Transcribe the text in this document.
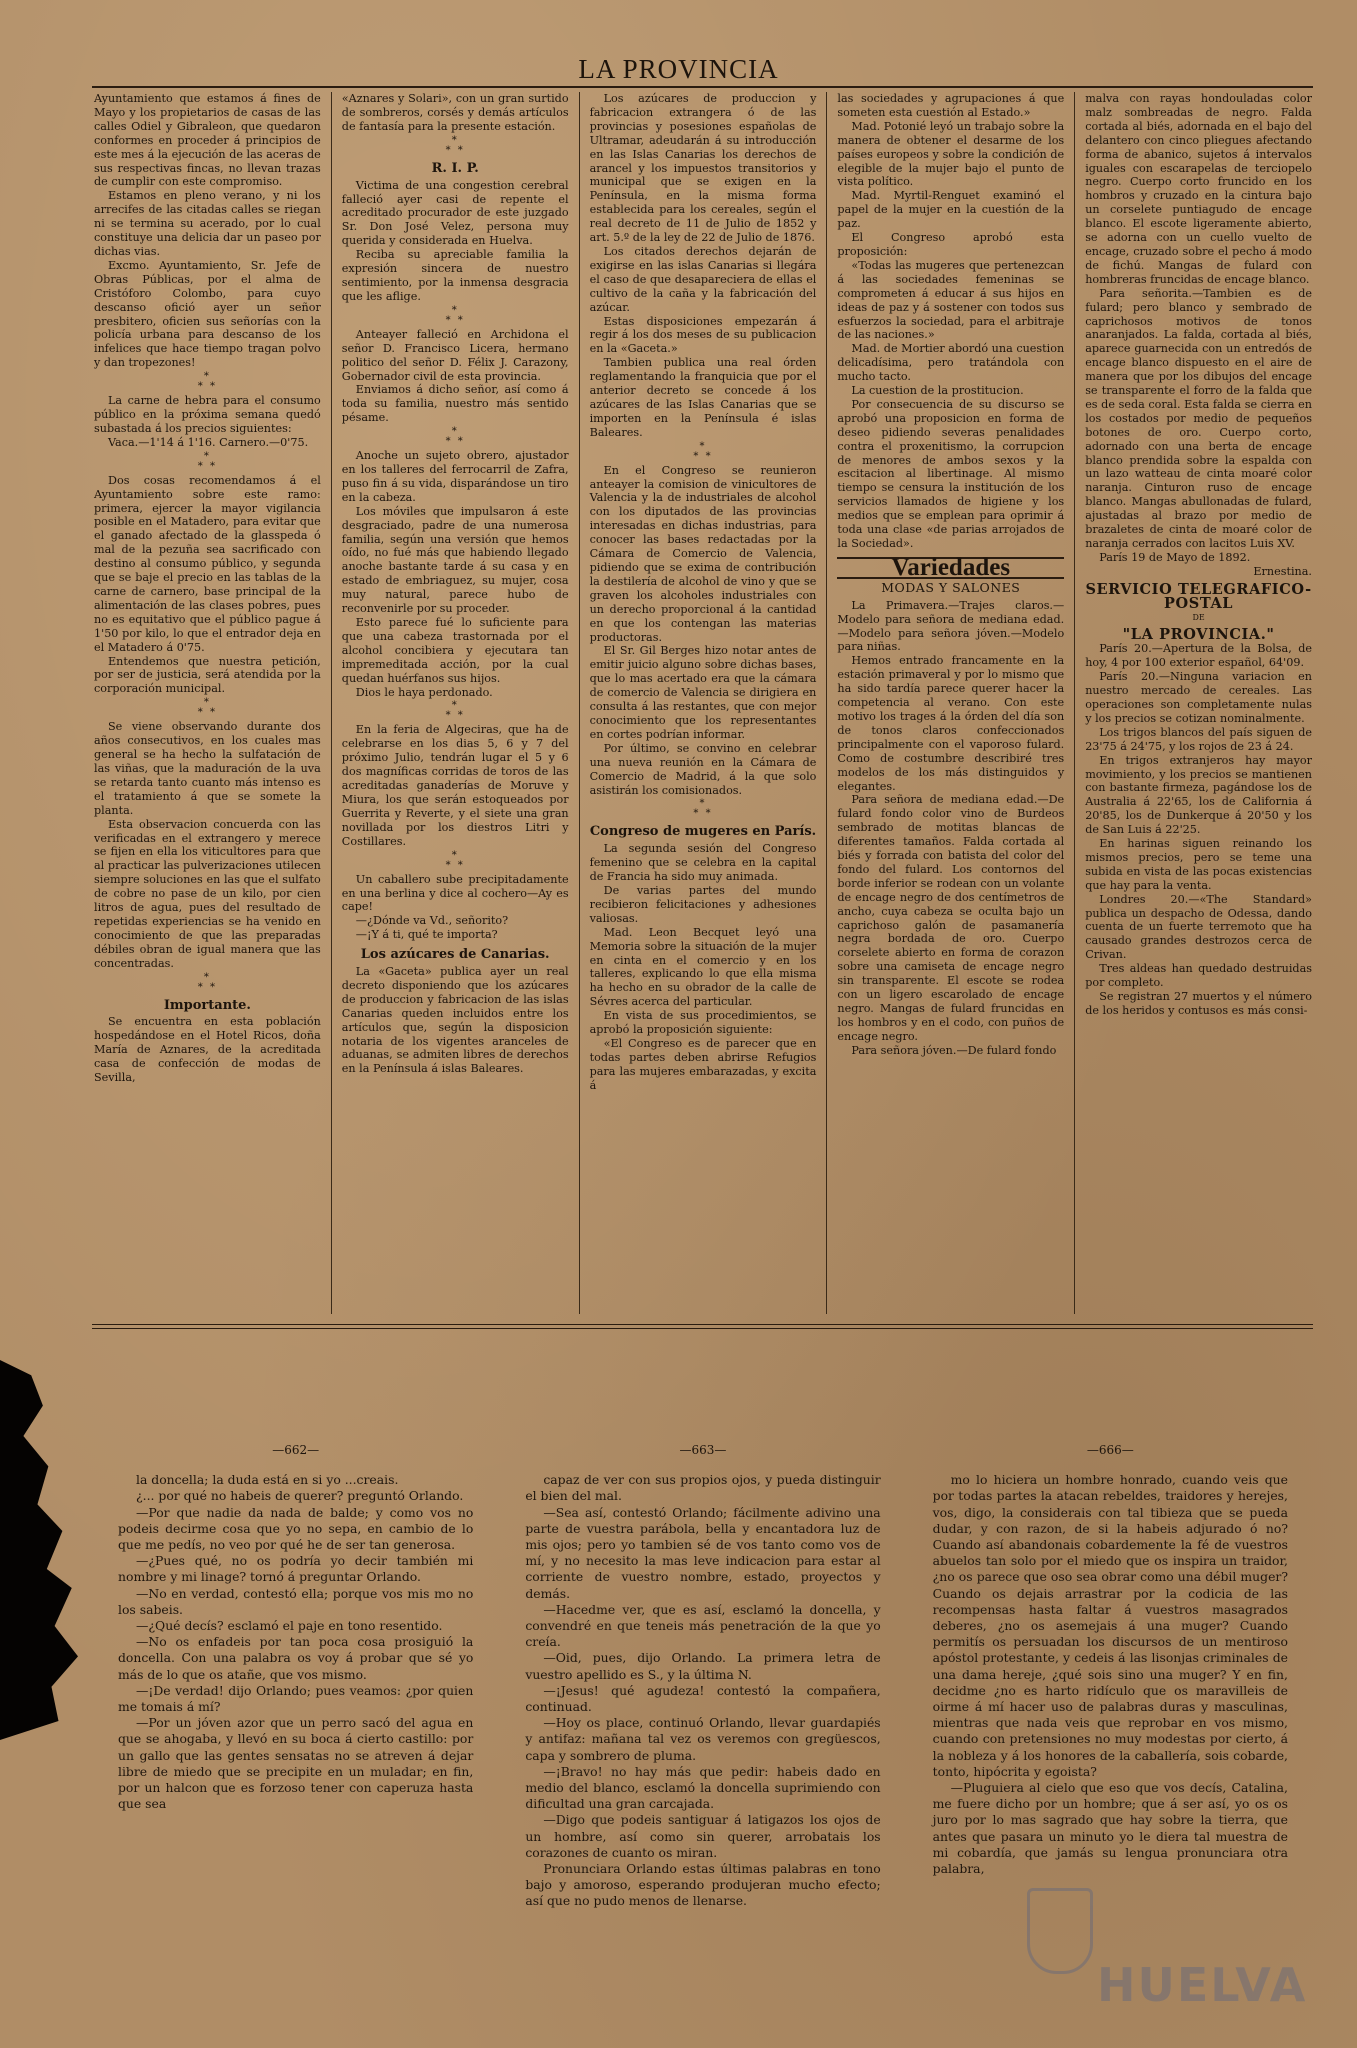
LA PROVINCIA

Ayuntamiento que estamos á fines de Mayo y los propietarios de casas de las calles Odiel y Gibraleon, que quedaron conformes en proceder á principios de este mes á la ejecución de las aceras de sus respectivas fincas, no llevan trazas de cumplir con este compromiso.

Estamos en pleno verano, y ni los arrecifes de las citadas calles se riegan ni se termina su acerado, por lo cual constituye una delicia dar un paseo por dichas vias.

Excmo. Ayuntamiento, Sr. Jefe de Obras Públicas, por el alma de Cristóforo Colombo, para cuyo descanso ofició ayer un señor presbitero, oficien sus señorías con la policía urbana para descanso de los infelices que hace tiempo tragan polvo y dan tropezones!

*
* *

La carne de hebra para el consumo público en la próxima semana quedó subastada á los precios siguientes:

Vaca.—1'14 á 1'16. Carnero.—0'75.

*
* *

Dos cosas recomendamos á el Ayuntamiento sobre este ramo: primera, ejercer la mayor vigilancia posible en el Matadero, para evitar que el ganado afectado de la glasspeda ó mal de la pezuña sea sacrificado con destino al consumo público, y segunda que se baje el precio en las tablas de la carne de carnero, base principal de la alimentación de las clases pobres, pues no es equitativo que el público pague á 1'50 por kilo, lo que el entrador deja en el Matadero á 0'75.

Entendemos que nuestra petición, por ser de justicia, será atendida por la corporación municipal.

*
* *

Se viene observando durante dos años consecutivos, en los cuales mas general se ha hecho la sulfatación de las viñas, que la maduración de la uva se retarda tanto cuanto más intenso es el tratamiento á que se somete la planta.

Esta observacion concuerda con las verificadas en el extrangero y merece se fijen en ella los viticultores para que al practicar las pulverizaciones utilecen siempre soluciones en las que el sulfato de cobre no pase de un kilo, por cien litros de agua, pues del resultado de repetidas experiencias se ha venido en conocimiento de que las preparadas débiles obran de igual manera que las concentradas.

*
* *
Importante.

Se encuentra en esta población hospedándose en el Hotel Ricos, doña María de Aznares, de la acreditada casa de confección de modas de Sevilla,

«Aznares y Solari», con un gran surtido de sombreros, corsés y demás artículos de fantasía para la presente estación.

*
* *
R. I. P.

Victima de una congestion cerebral falleció ayer casi de repente el acreditado procurador de este juzgado Sr. Don José Velez, persona muy querida y considerada en Huelva.

Reciba su apreciable familia la expresión sincera de nuestro sentimiento, por la inmensa desgracia que les aflige.

*
* *

Anteayer falleció en Archidona el señor D. Francisco Licera, hermano politico del señor D. Félix J. Carazony, Gobernador civil de esta provincia.

Enviamos á dicho señor, así como á toda su familia, nuestro más sentido pésame.

*
* *

Anoche un sujeto obrero, ajustador en los talleres del ferrocarril de Zafra, puso fin á su vida, disparándose un tiro en la cabeza.

Los móviles que impulsaron á este desgraciado, padre de una numerosa familia, según una versión que hemos oído, no fué más que habiendo llegado anoche bastante tarde á su casa y en estado de embriaguez, su mujer, cosa muy natural, parece hubo de reconvenirle por su proceder.

Esto parece fué lo suficiente para que una cabeza trastornada por el alcohol concibiera y ejecutara tan impremeditada acción, por la cual quedan huérfanos sus hijos.

Dios le haya perdonado.

*
* *

En la feria de Algeciras, que ha de celebrarse en los dias 5, 6 y 7 del próximo Julio, tendrán lugar el 5 y 6 dos magníficas corridas de toros de las acreditadas ganaderías de Moruve y Miura, los que serán estoqueados por Guerrita y Reverte, y el siete una gran novillada por los diestros Litri y Costillares.

*
* *

Un caballero sube precipitadamente en una berlina y dice al cochero—Ay es cape!

—¿Dónde va Vd., señorito?

—¡Y á ti, qué te importa?

Los azúcares de Canarias.

La «Gaceta» publica ayer un real decreto disponiendo que los azúcares de produccion y fabricacion de las islas Canarias queden incluidos entre los artículos que, según la disposicion notaria de los vigentes aranceles de aduanas, se admiten libres de derechos en la Península á islas Baleares.

Los azúcares de produccion y fabricacion extrangera ó de las provincias y posesiones españolas de Ultramar, adeudarán á su introducción en las Islas Canarias los derechos de arancel y los impuestos transitorios y municipal que se exigen en la Península, en la misma forma establecida para los cereales, según el real decreto de 11 de Julio de 1852 y art. 5.º de la ley de 22 de Julio de 1876.

Los citados derechos dejarán de exigirse en las islas Canarias si llegára el caso de que desapareciera de ellas el cultivo de la caña y la fabricación del azúcar.

Estas disposiciones empezarán á regir á los dos meses de su publicacion en la «Gaceta.»

Tambien publica una real órden reglamentando la franquicia que por el anterior decreto se concede á los azúcares de las Islas Canarias que se importen en la Península é islas Baleares.

*
* *

En el Congreso se reunieron anteayer la comision de vinicultores de Valencia y la de industriales de alcohol con los diputados de las provincias interesadas en dichas industrias, para conocer las bases redactadas por la Cámara de Comercio de Valencia, pidiendo que se exima de contribución la destilería de alcohol de vino y que se graven los alcoholes industriales con un derecho proporcional á la cantidad en que los contengan las materias productoras.

El Sr. Gil Berges hizo notar antes de emitir juicio alguno sobre dichas bases, que lo mas acertado era que la cámara de comercio de Valencia se dirigiera en consulta á las restantes, que con mejor conocimiento que los representantes en cortes podrían informar.

Por último, se convino en celebrar una nueva reunión en la Cámara de Comercio de Madrid, á la que solo asistirán los comisionados.

*
* *
Congreso de mugeres en París.

La segunda sesión del Congreso femenino que se celebra en la capital de Francia ha sido muy animada.

De varias partes del mundo recibieron felicitaciones y adhesiones valiosas.

Mad. Leon Becquet leyó una Memoria sobre la situación de la mujer en cinta en el comercio y en los talleres, explicando lo que ella misma ha hecho en su obrador de la calle de Sévres acerca del particular.

En vista de sus procedimientos, se aprobó la proposición siguiente:

«El Congreso es de parecer que en todas partes deben abrirse Refugios para las mujeres embarazadas, y excita á

las sociedades y agrupaciones á que someten esta cuestión al Estado.»

Mad. Potonié leyó un trabajo sobre la manera de obtener el desarme de los países europeos y sobre la condición de elegible de la mujer bajo el punto de vista político.

Mad. Myrtil-Renguet examinó el papel de la mujer en la cuestión de la paz.

El Congreso aprobó esta proposición:

«Todas las mugeres que pertenezcan á las sociedades femeninas se comprometen á educar á sus hijos en ideas de paz y á sostener con todos sus esfuerzos la sociedad, para el arbitraje de las naciones.»

Mad. de Mortier abordó una cuestion delicadísima, pero tratándola con mucho tacto.

La cuestion de la prostitucion.

Por consecuencia de su discurso se aprobó una proposicion en forma de deseo pidiendo severas penalidades contra el proxenitismo, la corrupcion de menores de ambos sexos y la escitacion al libertinage. Al mismo tiempo se censura la institución de los servicios llamados de higiene y los medios que se emplean para oprimir á toda una clase «de parias arrojados de la Sociedad».

Variedades
MODAS Y SALONES

La Primavera.—Trajes claros.—Modelo para señora de mediana edad.—Modelo para señora jóven.—Modelo para niñas.

Hemos entrado francamente en la estación primaveral y por lo mismo que ha sido tardía parece querer hacer la competencia al verano. Con este motivo los trages á la órden del día son de tonos claros confeccionados principalmente con el vaporoso fulard. Como de costumbre describiré tres modelos de los más distinguidos y elegantes.

Para señora de mediana edad.—De fulard fondo color vino de Burdeos sembrado de motitas blancas de diferentes tamaños. Falda cortada al biés y forrada con batista del color del fondo del fulard. Los contornos del borde inferior se rodean con un volante de encage negro de dos centímetros de ancho, cuya cabeza se oculta bajo un caprichoso galón de pasamanería negra bordada de oro. Cuerpo corselete abierto en forma de corazon sobre una camiseta de encage negro sin transparente. El escote se rodea con un ligero escarolado de encage negro. Mangas de fulard fruncidas en los hombros y en el codo, con puños de encage negro.

Para señora jóven.—De fulard fondo

malva con rayas hondouladas color malz sombreadas de negro. Falda cortada al biés, adornada en el bajo del delantero con cinco pliegues afectando forma de abanico, sujetos á intervalos iguales con escarapelas de terciopelo negro. Cuerpo corto fruncido en los hombros y cruzado en la cintura bajo un corselete puntiagudo de encage blanco. El escote ligeramente abierto, se adorna con un cuello vuelto de encage, cruzado sobre el pecho á modo de fichú. Mangas de fulard con hombreras fruncidas de encage blanco.

Para señorita.—Tambien es de fulard; pero blanco y sembrado de caprichosos motivos de tonos anaranjados. La falda, cortada al biés, aparece guarnecida con un entredós de encage blanco dispuesto en el aire de manera que por los dibujos del encage se transparente el forro de la falda que es de seda coral. Esta falda se cierra en los costados por medio de pequeños botones de oro. Cuerpo corto, adornado con una berta de encage blanco prendida sobre la espalda con un lazo watteau de cinta moaré color naranja. Cinturon ruso de encage blanco. Mangas abullonadas de fulard, ajustadas al brazo por medio de brazaletes de cinta de moaré color de naranja cerrados con lacitos Luis XV.

París 19 de Mayo de 1892.

Ernestina.

SERVICIO TELEGRAFICO-POSTAL
DE
"LA PROVINCIA."

París 20.—Apertura de la Bolsa, de hoy, 4 por 100 exterior español, 64'09.

París 20.—Ninguna variacion en nuestro mercado de cereales. Las operaciones son completamente nulas y los precios se cotizan nominalmente.

Los trigos blancos del país siguen de 23'75 á 24'75, y los rojos de 23 á 24.

En trigos extranjeros hay mayor movimiento, y los precios se mantienen con bastante firmeza, pagándose los de Australia á 22'65, los de California á 20'85, los de Dunkerque á 20'50 y los de San Luis á 22'25.

En harinas siguen reinando los mismos precios, pero se teme una subida en vista de las pocas existencias que hay para la venta.

Londres 20.—«The Standard» publica un despacho de Odessa, dando cuenta de un fuerte terremoto que ha causado grandes destrozos cerca de Crivan.

Tres aldeas han quedado destruidas por completo.

Se registran 27 muertos y el número de los heridos y contusos es más consi-

—662—

la doncella; la duda está en si yo ...creais.

¿... por qué no habeis de querer? preguntó Orlando.

—Por que nadie da nada de balde; y como vos no podeis decirme cosa que yo no sepa, en cambio de lo que me pedís, no veo por qué he de ser tan generosa.

—¿Pues qué, no os podría yo decir también mi nombre y mi linage? tornó á preguntar Orlando.

—No en verdad, contestó ella; porque vos mis mo no los sabeis.

—¿Qué decís? esclamó el paje en tono resentido.

—No os enfadeis por tan poca cosa prosiguió la doncella. Con una palabra os voy á probar que sé yo más de lo que os atañe, que vos mismo.

—¡De verdad! dijo Orlando; pues veamos: ¿por quien me tomais á mí?

—Por un jóven azor que un perro sacó del agua en que se ahogaba, y llevó en su boca á cierto castillo: por un gallo que las gentes sensatas no se atreven á dejar libre de miedo que se precipite en un muladar; en fin, por un halcon que es forzoso tener con caperuza hasta que sea

—663—

capaz de ver con sus propios ojos, y pueda distinguir el bien del mal.

—Sea así, contestó Orlando; fácilmente adivino una parte de vuestra parábola, bella y encantadora luz de mis ojos; pero yo tambien sé de vos tanto como vos de mí, y no necesito la mas leve indicacion para estar al corriente de vuestro nombre, estado, proyectos y demás.

—Hacedme ver, que es así, esclamó la doncella, y convendré en que teneis más penetración de la que yo creía.

—Oid, pues, dijo Orlando. La primera letra de vuestro apellido es S., y la última N.

—¡Jesus! qué agudeza! contestó la compañera, continuad.

—Hoy os place, continuó Orlando, llevar guardapiés y antifaz: mañana tal vez os veremos con gregüescos, capa y sombrero de pluma.

—¡Bravo! no hay más que pedir: habeis dado en medio del blanco, esclamó la doncella suprimiendo con dificultad una gran carcajada.

—Digo que podeis santiguar á latigazos los ojos de un hombre, así como sin querer, arrobatais los corazones de cuanto os miran.

Pronunciara Orlando estas últimas palabras en tono bajo y amoroso, esperando produjeran mucho efecto; así que no pudo menos de llenarse.

—666—

mo lo hiciera un hombre honrado, cuando veis que por todas partes la atacan rebeldes, traidores y herejes, vos, digo, la considerais con tal tibieza que se pueda dudar, y con razon, de si la habeis adjurado ó no? Cuando así abandonais cobardemente la fé de vuestros abuelos tan solo por el miedo que os inspira un traidor, ¿no os parece que oso sea obrar como una débil muger? Cuando os dejais arrastrar por la codicia de las recompensas hasta faltar á vuestros masagrados deberes, ¿no os asemejais á una muger? Cuando permitís os persuadan los discursos de un mentiroso apóstol protestante, y cedeis á las lisonjas criminales de una dama hereje, ¿qué sois sino una muger? Y en fin, decidme ¿no es harto ridículo que os maravilleis de oirme á mí hacer uso de palabras duras y masculinas, mientras que nada veis que reprobar en vos mismo, cuando con pretensiones no muy modestas por cierto, á la nobleza y á los honores de la caballería, sois cobarde, tonto, hipócrita y egoista?

—Pluguiera al cielo que eso que vos decís, Catalina, me fuere dicho por un hombre; que á ser así, yo os os juro por lo mas sagrado que hay sobre la tierra, que antes que pasara un minuto yo le diera tal muestra de mi cobardía, que jamás su lengua pronunciara otra palabra,

HUELVA
